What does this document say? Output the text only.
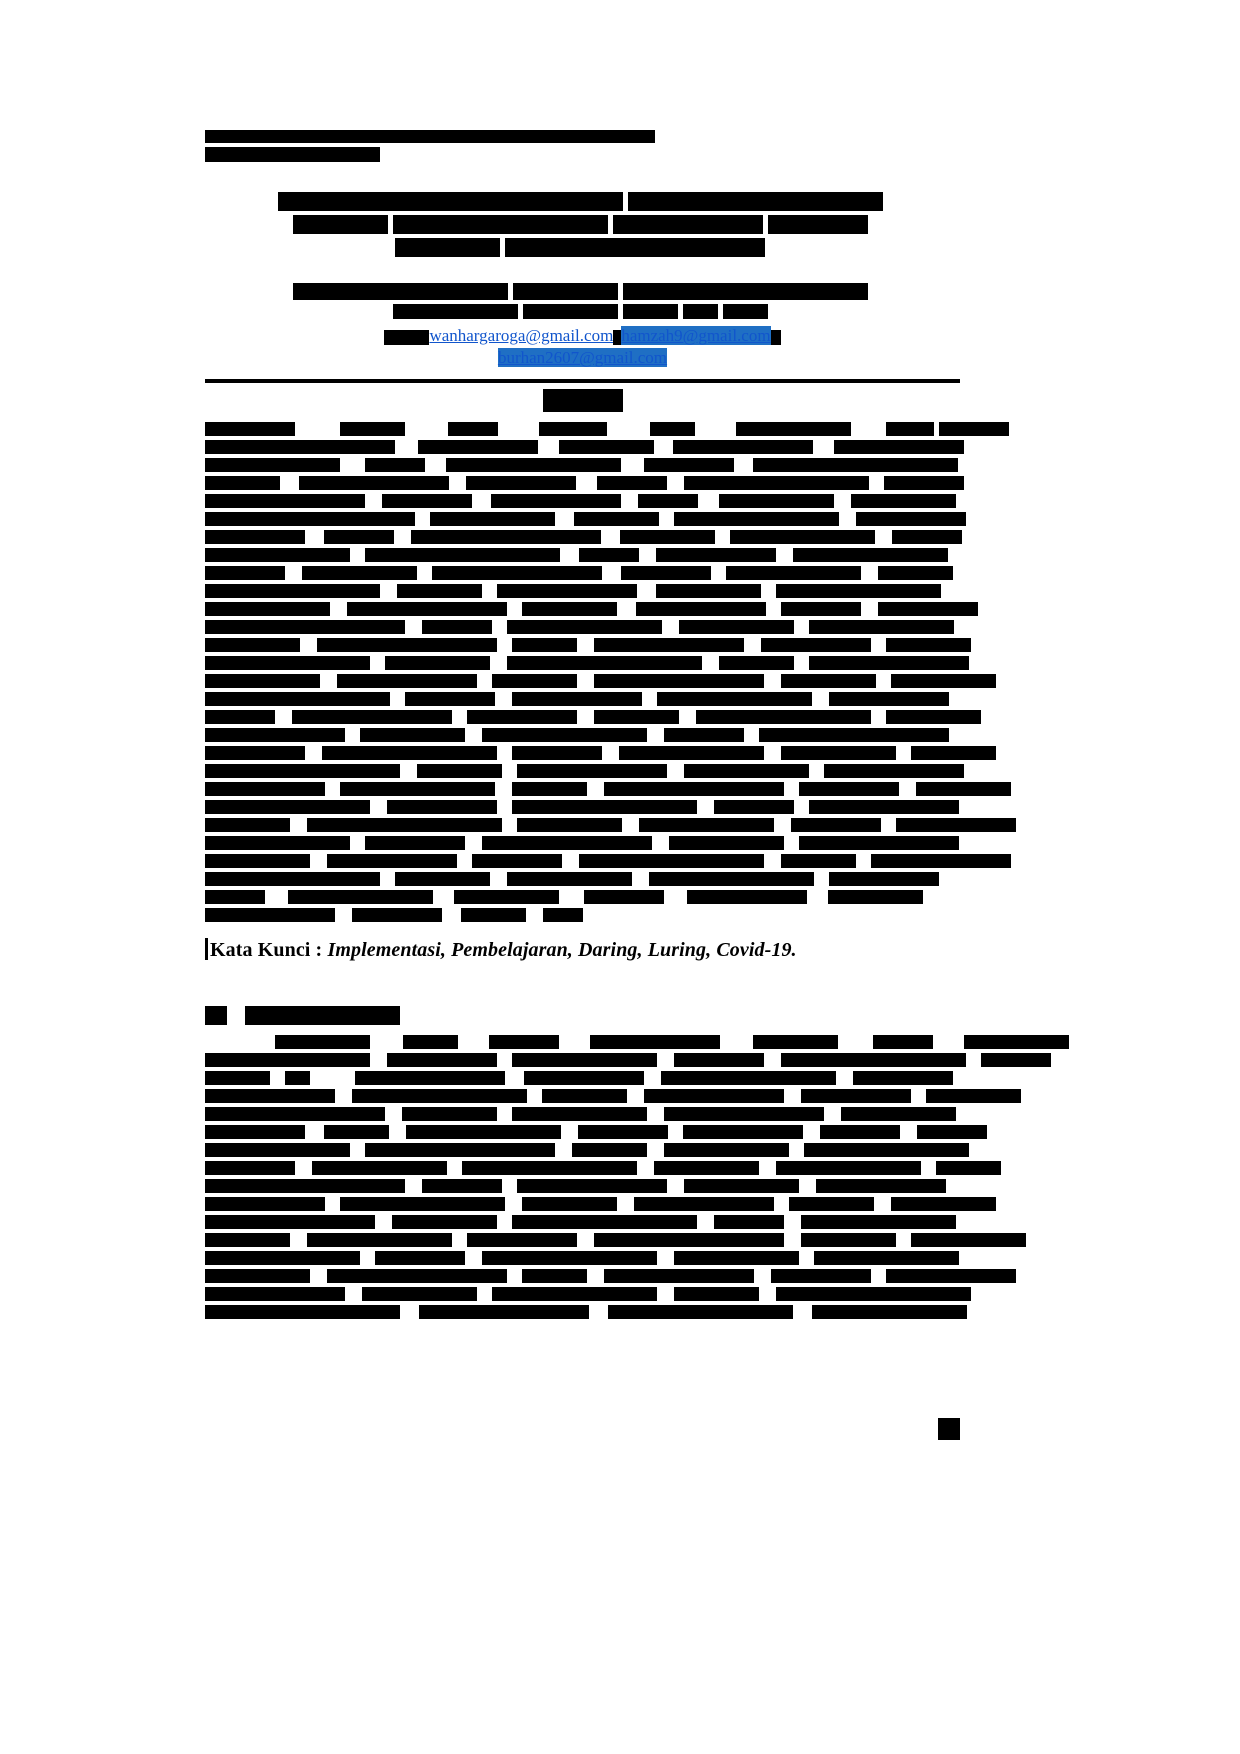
wanhargaroga@gmail.com hamzah9@gmail.com
burhan2607@gmail.com
Kata Kunci : Implementasi, Pembelajaran, Daring, Luring, Covid-19.
